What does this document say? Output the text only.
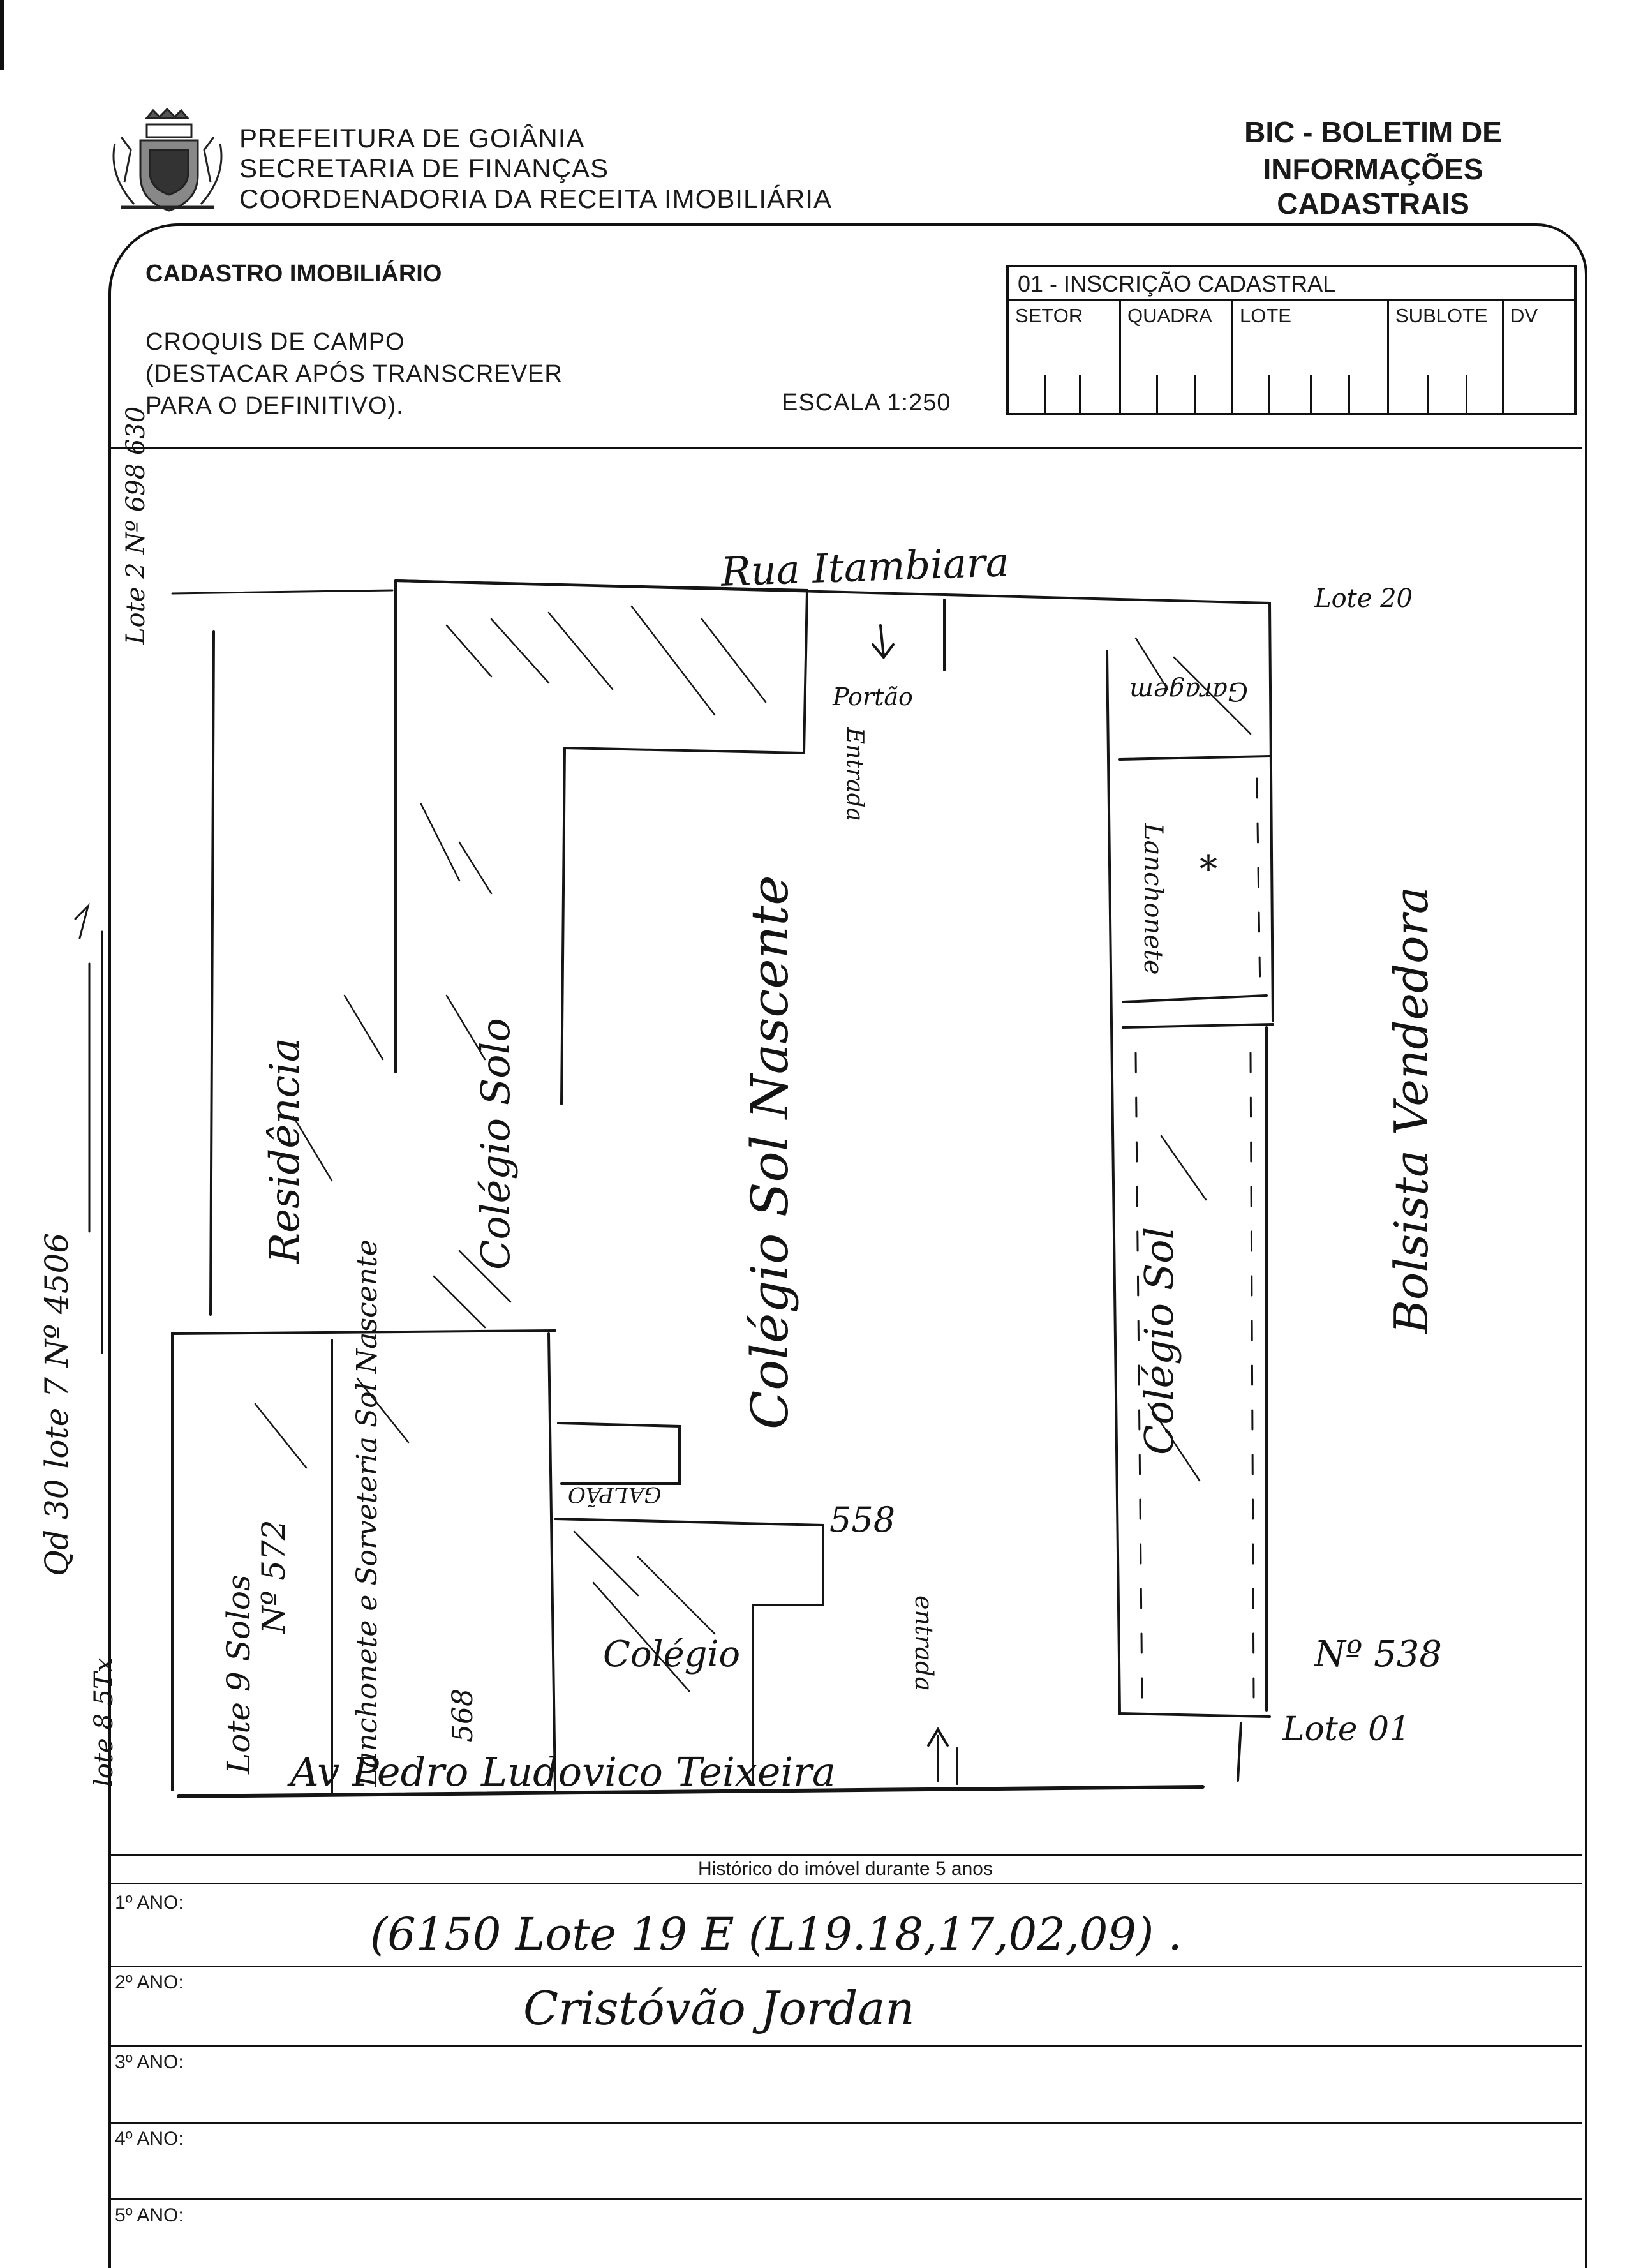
PREFEITURA DE GOIÂNIA
SECRETARIA DE FINANÇAS
COORDENADORIA DA RECEITA IMOBILIÁRIA
BIC - BOLETIM DE
INFORMAÇÕES CADASTRAIS
CADASTRO IMOBILIÁRIO
CROQUIS DE CAMPO
(DESTACAR APÓS TRANSCREVER
PARA O DEFINITIVO).	ESCALA 1:250
01 - INSCRIÇÃO CADASTRAL
SETOR	QUADRA	LOTE	SUBLOTE	DV
Rua Itambiara
Av Pedro Ludovico Teixeira
Bolsista Vendedora
Qd 30 lote 7 Nº 4506
Lote 2 Nº 698 630	Lote 20
lote 8 5Tx
Portão
Entrada
Garagem
Lanchonete *
Residência	Colégio Solo	Colégio Sol Nascente	Colégio Sol
GALPÃO
Colégio
558
Lote 9 Solos
Nº 572 Lanchonete e Sorveteria Sol Nascente 568
entrada	Nº 538
Lote 01
Histórico do imóvel durante 5 anos
1º ANO:
(6150 Lote 19 E (L19.18,17,02,09) .
2º ANO:	Cristóvão Jordan
3º ANO:
4º ANO:
5º ANO:
